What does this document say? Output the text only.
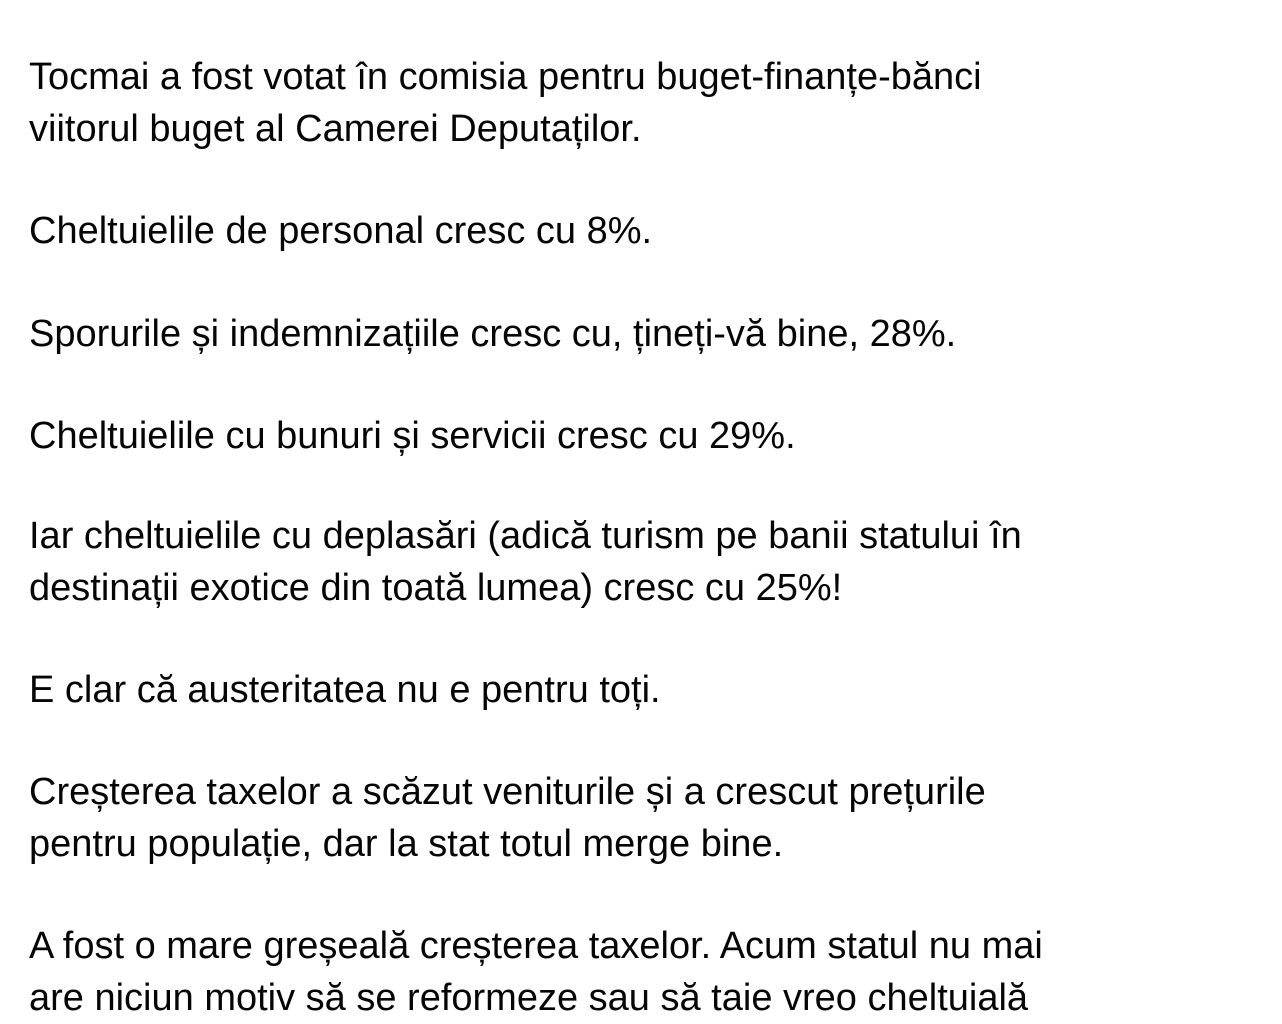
Tocmai a fost votat în comisia pentru buget-finanțe-bănci
viitorul buget al Camerei Deputaților.

Cheltuielile de personal cresc cu 8%.

Sporurile și indemnizațiile cresc cu, țineți-vă bine, 28%.

Cheltuielile cu bunuri și servicii cresc cu 29%.

Iar cheltuielile cu deplasări (adică turism pe banii statului în
destinații exotice din toată lumea) cresc cu 25%!

E clar că austeritatea nu e pentru toți.

Creșterea taxelor a scăzut veniturile și a crescut prețurile
pentru populație, dar la stat totul merge bine.

A fost o mare greșeală creșterea taxelor. Acum statul nu mai
are niciun motiv să se reformeze sau să taie vreo cheltuială
